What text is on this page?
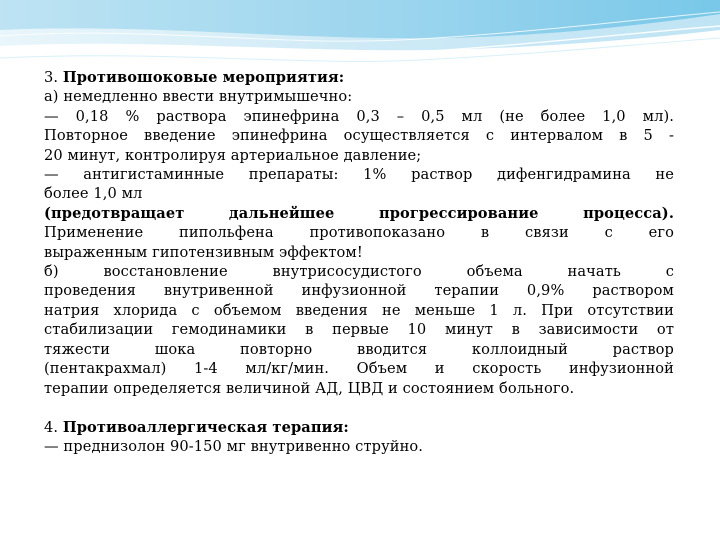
3. Противошоковые мероприятия:

а) немедленно ввести внутримышечно:

— 0,18 % раствора эпинефрина 0,3 – 0,5 мл (не более 1,0 мл).

Повторное введение эпинефрина осуществляется с интервалом в 5 -

20 минут, контролируя артериальное давление;

— антигистаминные препараты: 1% раствор дифенгидрамина не

более 1,0 мл

(предотвращает дальнейшее прогрессирование процесса).

Применение пипольфена противопоказано в связи с его

выраженным гипотензивным эффектом!

б) восстановление внутрисосудистого объема начать с

проведения внутривенной инфузионной терапии 0,9% раствором

натрия хлорида с объемом введения не меньше 1 л. При отсутствии

стабилизации гемодинамики в первые 10 минут в зависимости от

тяжести шока повторно вводится коллоидный раствор

(пентакрахмал) 1-4 мл/кг/мин. Объем и скорость инфузионной

терапии определяется величиной АД, ЦВД и состоянием больного.

4. Противоаллергическая терапия:

— преднизолон 90-150 мг внутривенно струйно.
